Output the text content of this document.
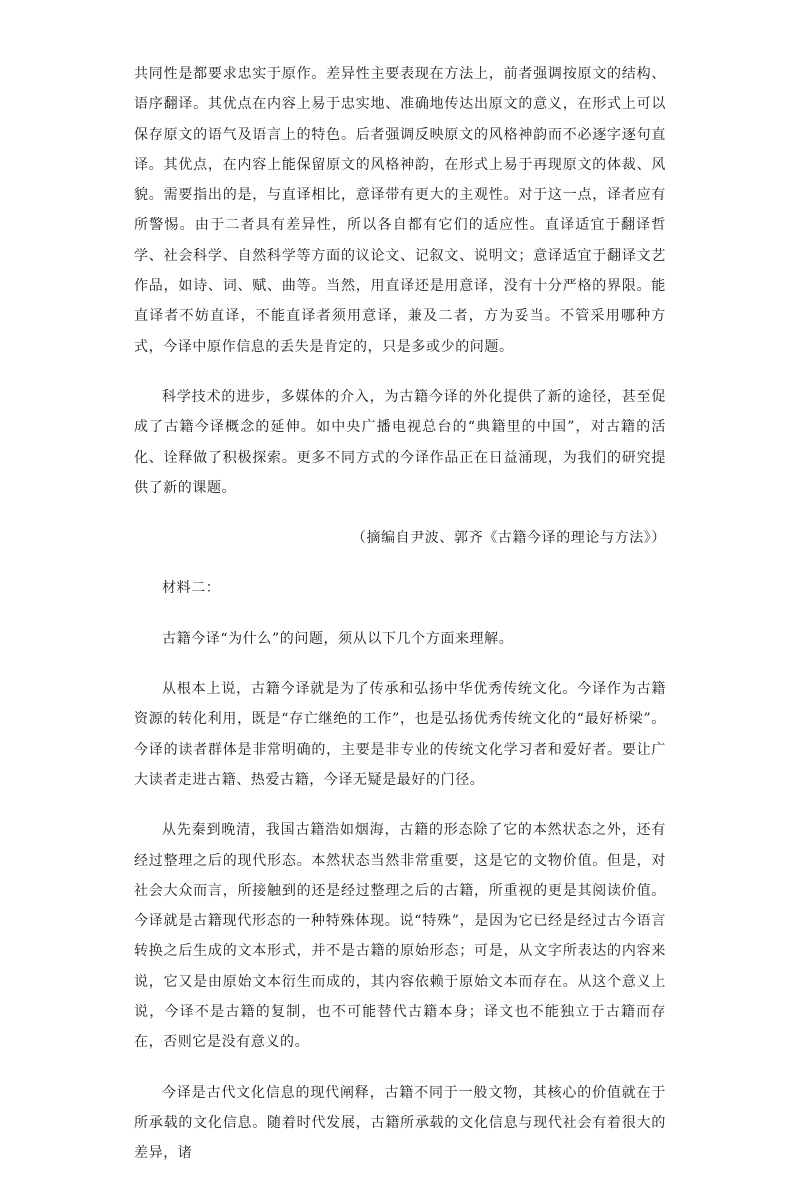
共同性是都要求忠实于原作。差异性主要表现在方法上，前者强调按原文的结构、语序翻译。其优点在内容上易于忠实地、准确地传达出原文的意义，在形式上可以保存原文的语气及语言上的特色。后者强调反映原文的风格神韵而不必逐字逐句直译。其优点，在内容上能保留原文的风格神韵，在形式上易于再现原文的体裁、风貌。需要指出的是，与直译相比，意译带有更大的主观性。对于这一点，译者应有所警惕。由于二者具有差异性，所以各自都有它们的适应性。直译适宜于翻译哲学、社会科学、自然科学等方面的议论文、记叙文、说明文；意译适宜于翻译文艺作品，如诗、词、赋、曲等。当然，用直译还是用意译，没有十分严格的界限。能直译者不妨直译，不能直译者须用意译，兼及二者，方为妥当。不管采用哪种方式，今译中原作信息的丢失是肯定的，只是多或少的问题。

科学技术的进步，多媒体的介入，为古籍今译的外化提供了新的途径，甚至促成了古籍今译概念的延伸。如中央广播电视总台的“典籍里的中国”，对古籍的活化、诠释做了积极探索。更多不同方式的今译作品正在日益涌现，为我们的研究提供了新的课题。

（摘编自尹波、郭齐《古籍今译的理论与方法》）

材料二：

古籍今译“为什么”的问题，须从以下几个方面来理解。

从根本上说，古籍今译就是为了传承和弘扬中华优秀传统文化。今译作为古籍资源的转化利用，既是“存亡继绝的工作”，也是弘扬优秀传统文化的“最好桥梁”。今译的读者群体是非常明确的，主要是非专业的传统文化学习者和爱好者。要让广大读者走进古籍、热爱古籍，今译无疑是最好的门径。

从先秦到晚清，我国古籍浩如烟海，古籍的形态除了它的本然状态之外，还有经过整理之后的现代形态。本然状态当然非常重要，这是它的文物价值。但是，对社会大众而言，所接触到的还是经过整理之后的古籍，所重视的更是其阅读价值。今译就是古籍现代形态的一种特殊体现。说“特殊”，是因为它已经是经过古今语言转换之后生成的文本形式，并不是古籍的原始形态；可是，从文字所表达的内容来说，它又是由原始文本衍生而成的，其内容依赖于原始文本而存在。从这个意义上说，今译不是古籍的复制，也不可能替代古籍本身；译文也不能独立于古籍而存在，否则它是没有意义的。

今译是古代文化信息的现代阐释，古籍不同于一般文物，其核心的价值就在于所承载的文化信息。随着时代发展，古籍所承载的文化信息与现代社会有着很大的差异，诸
